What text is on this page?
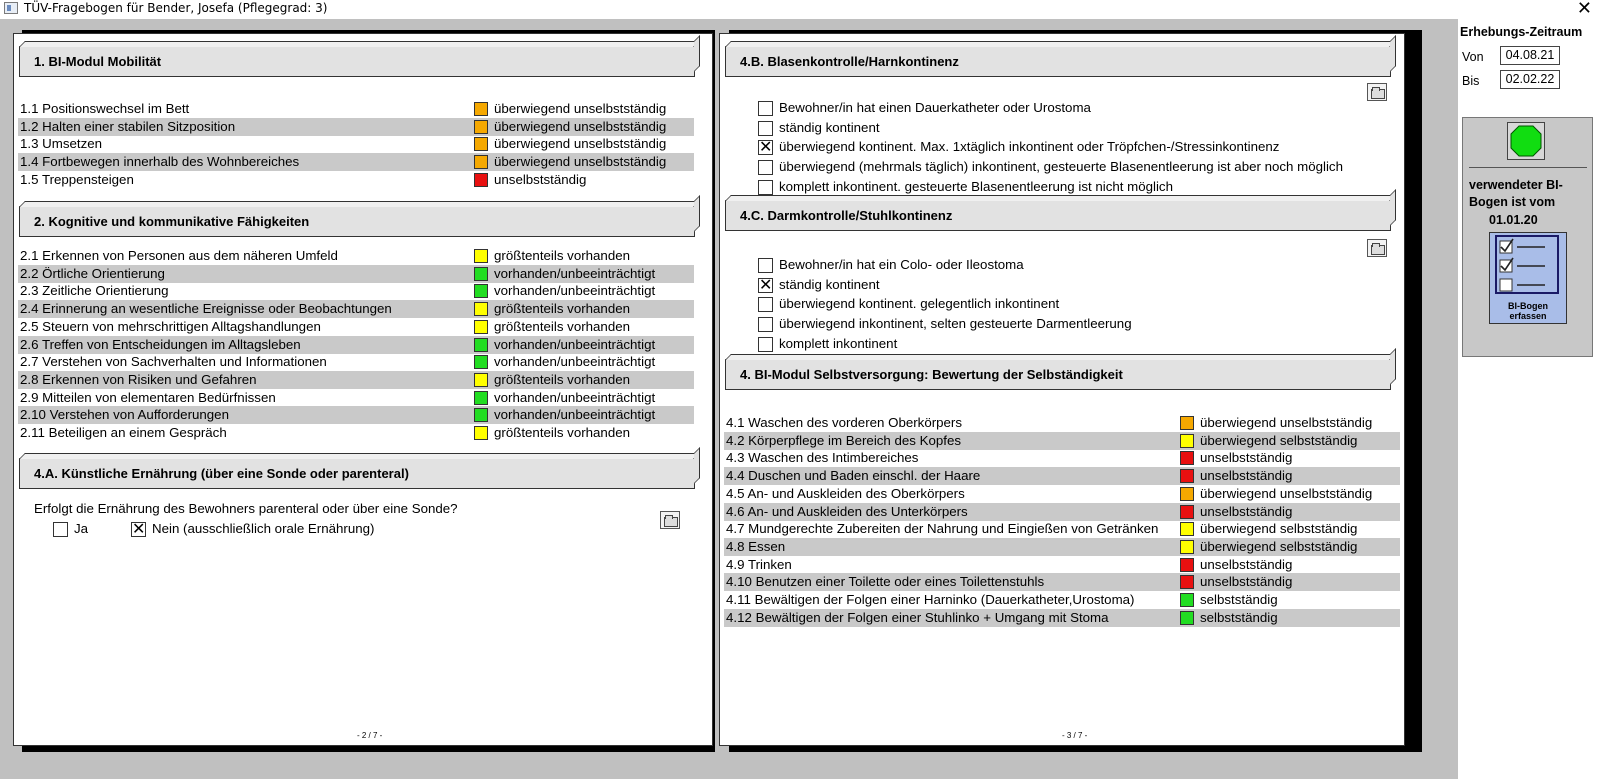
TÜV-Fragebogen für Bender, Josefa (Pflegegrad: 3)	✕
1. BI-Modul Mobilität
1.1 Positionswechsel im Bett	überwiegend unselbstständig
1.2 Halten einer stabilen Sitzposition	überwiegend unselbstständig
1.3 Umsetzen	überwiegend unselbstständig
1.4 Fortbewegen innerhalb des Wohnbereiches	überwiegend unselbstständig
1.5 Treppensteigen	unselbstständig
2. Kognitive und kommunikative Fähigkeiten
2.1 Erkennen von Personen aus dem näheren Umfeld	größtenteils vorhanden
2.2 Örtliche Orientierung	vorhanden/unbeeinträchtigt
2.3 Zeitliche Orientierung	vorhanden/unbeeinträchtigt
2.4 Erinnerung an wesentliche Ereignisse oder Beobachtungen	größtenteils vorhanden
2.5 Steuern von mehrschrittigen Alltagshandlungen	größtenteils vorhanden
2.6 Treffen von Entscheidungen im Alltagsleben	vorhanden/unbeeinträchtigt
2.7 Verstehen von Sachverhalten und Informationen	vorhanden/unbeeinträchtigt
2.8 Erkennen von Risiken und Gefahren	größtenteils vorhanden
2.9 Mitteilen von elementaren Bedürfnissen	vorhanden/unbeeinträchtigt
2.10 Verstehen von Aufforderungen	vorhanden/unbeeinträchtigt
2.11 Beteiligen an einem Gespräch	größtenteils vorhanden
4.A. Künstliche Ernährung (über eine Sonde oder parenteral)
Erfolgt die Ernährung des Bewohners parenteral oder über eine Sonde?
Ja	✕ Nein (ausschließlich orale Ernährung)
- 2 / 7 -
4.B. Blasenkontrolle/Harnkontinenz
Bewohner/in hat einen Dauerkatheter oder Urostoma
ständig kontinent
✕ überwiegend kontinent. Max. 1xtäglich inkontinent oder Tröpfchen-/Stressinkontinenz
überwiegend (mehrmals täglich) inkontinent, gesteuerte Blasenentleerung ist aber noch möglich
komplett inkontinent. gesteuerte Blasenentleerung ist nicht möglich
4.C. Darmkontrolle/Stuhlkontinenz
Bewohner/in hat ein Colo- oder Ileostoma
✕ ständig kontinent
überwiegend kontinent. gelegentlich inkontinent
überwiegend inkontinent, selten gesteuerte Darmentleerung
komplett inkontinent
4. BI-Modul Selbstversorgung: Bewertung der Selbständigkeit
4.1 Waschen des vorderen Oberkörpers	überwiegend unselbstständig
4.2 Körperpflege im Bereich des Kopfes	überwiegend selbstständig
4.3 Waschen des Intimbereiches	unselbstständig
4.4 Duschen und Baden einschl. der Haare	unselbstständig
4.5 An- und Auskleiden des Oberkörpers	überwiegend unselbstständig
4.6 An- und Auskleiden des Unterkörpers	unselbstständig
4.7 Mundgerechte Zubereiten der Nahrung und Eingießen von Getränken	überwiegend selbstständig
4.8 Essen	überwiegend selbstständig
4.9 Trinken	unselbstständig
4.10 Benutzen einer Toilette oder eines Toilettenstuhls	unselbstständig
4.11 Bewältigen der Folgen einer Harninko (Dauerkatheter,Urostoma)	selbstständig
4.12 Bewältigen der Folgen einer Stuhlinko + Umgang mit Stoma	selbstständig
- 3 / 7 -
Erhebungs-Zeitraum
Von	04.08.21
Bis	02.02.22
verwendeter BI-
Bogen ist vom
01.01.20
BI-Bogen
erfassen
